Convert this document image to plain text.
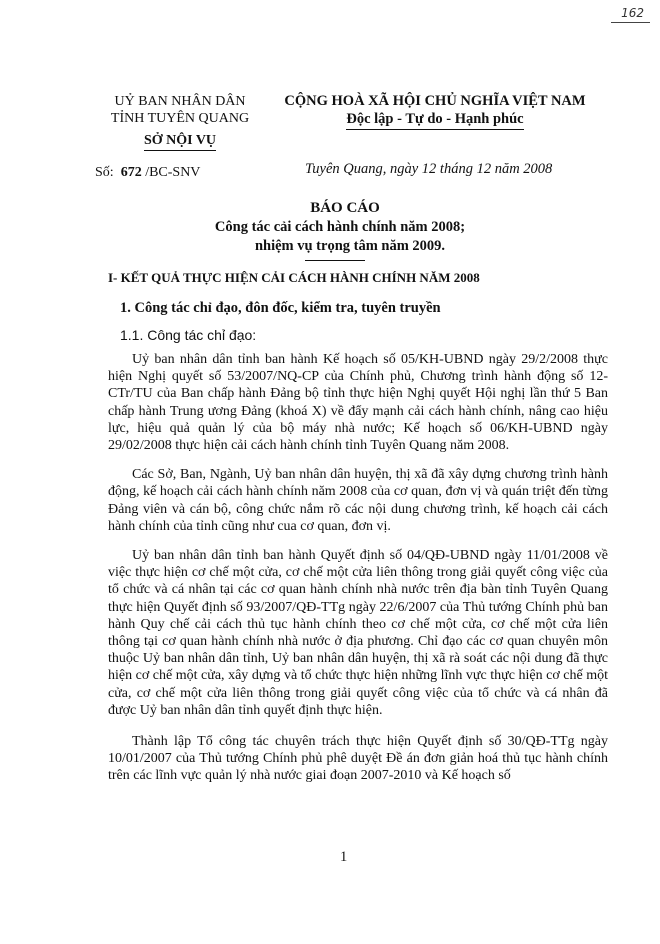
162
UỶ BAN NHÂN DÂN
TỈNH TUYÊN QUANG
SỞ NỘI VỤ
CỘNG HOÀ XÃ HỘI CHỦ NGHĨA VIỆT NAM
Độc lập - Tự do - Hạnh phúc
Số: 672 /BC-SNV	Tuyên Quang, ngày 12 tháng 12 năm 2008
BÁO CÁO
Công tác cải cách hành chính năm 2008;
nhiệm vụ trọng tâm năm 2009.
I- KẾT QUẢ THỰC HIỆN CẢI CÁCH HÀNH CHÍNH NĂM 2008
1. Công tác chỉ đạo, đôn đốc, kiểm tra, tuyên truyền
1.1. Công tác chỉ đạo:

Uỷ ban nhân dân tỉnh ban hành Kế hoạch số 05/KH-UBND ngày 29/2/2008 thực hiện Nghị quyết số 53/2007/NQ-CP của Chính phủ, Chương trình hành động số 12-CTr/TU của Ban chấp hành Đảng bộ tỉnh thực hiện Nghị quyết Hội nghị lần thứ 5 Ban chấp hành Trung ương Đảng (khoá X) về đẩy mạnh cải cách hành chính, nâng cao hiệu lực, hiệu quả quản lý của bộ máy nhà nước; Kế hoạch số 06/KH-UBND ngày 29/02/2008 thực hiện cải cách hành chính tỉnh Tuyên Quang năm 2008.

Các Sở, Ban, Ngành, Uỷ ban nhân dân huyện, thị xã đã xây dựng chương trình hành động, kế hoạch cải cách hành chính năm 2008 của cơ quan, đơn vị và quán triệt đến từng Đảng viên và cán bộ, công chức nắm rõ các nội dung chương trình, kế hoạch cải cách hành chính của tỉnh cũng như cua cơ quan, đơn vị.

Uỷ ban nhân dân tỉnh ban hành Quyết định số 04/QĐ-UBND ngày 11/01/2008 về việc thực hiện cơ chế một cửa, cơ chế một cửa liên thông trong giải quyết công việc của tổ chức và cá nhân tại các cơ quan hành chính nhà nước trên địa bàn tỉnh Tuyên Quang thực hiện Quyết định số 93/2007/QĐ-TTg ngày 22/6/2007 của Thủ tướng Chính phủ ban hành Quy chế cải cách thủ tục hành chính theo cơ chế một cửa, cơ chế một cửa liên thông tại cơ quan hành chính nhà nước ở địa phương. Chỉ đạo các cơ quan chuyên môn thuộc Uỷ ban nhân dân tỉnh, Uỷ ban nhân dân huyện, thị xã rà soát các nội dung đã thực hiện cơ chế một cửa, xây dựng và tổ chức thực hiện những lĩnh vực thực hiện cơ chế một cửa, cơ chế một cửa liên thông trong giải quyết công việc của tổ chức và cá nhân đã được Uỷ ban nhân dân tỉnh quyết định thực hiện.

Thành lập Tổ công tác chuyên trách thực hiện Quyết định số 30/QĐ-TTg ngày 10/01/2007 của Thủ tướng Chính phủ phê duyệt Đề án đơn giản hoá thủ tục hành chính trên các lĩnh vực quản lý nhà nước giai đoạn 2007-2010 và Kế hoạch số

1
